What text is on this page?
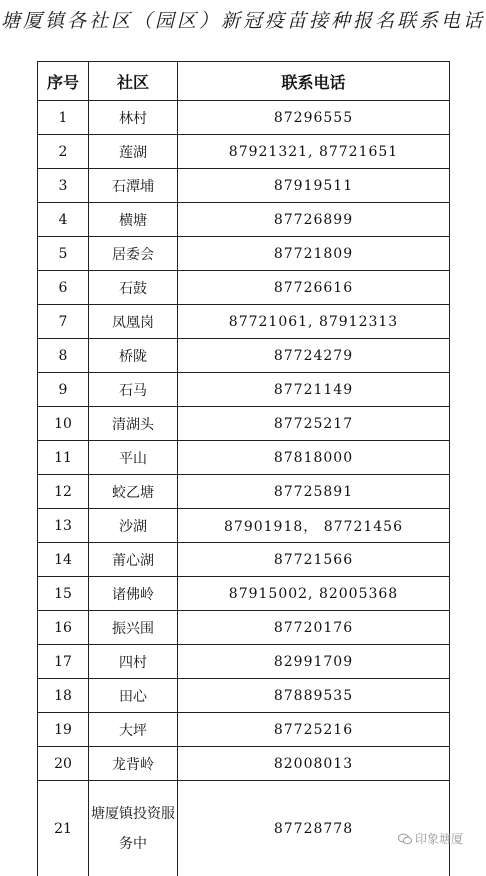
塘厦镇各社区（园区）新冠疫苗接种报名联系电话
序号	社区	联系电话
1	林村	87296555
2	莲湖	87921321, 87721651
3	石潭埔	87919511
4	横塘	87726899
5	居委会	87721809
6	石鼓	87726616
7	凤凰岗	87721061, 87912313
8	桥陇	87724279
9	石马	87721149
10	清湖头	87725217
11	平山	87818000
12	蛟乙塘	87725891
13	沙湖	87901918， 87721456
14	莆心湖	87721566
15	诸佛岭	87915002, 82005368
16	振兴围	87720176
17	四村	82991709
18	田心	87889535
19	大坪	87725216
20	龙背岭	82008013
21	塘厦镇投资服务中	87728778
印象塘厦
